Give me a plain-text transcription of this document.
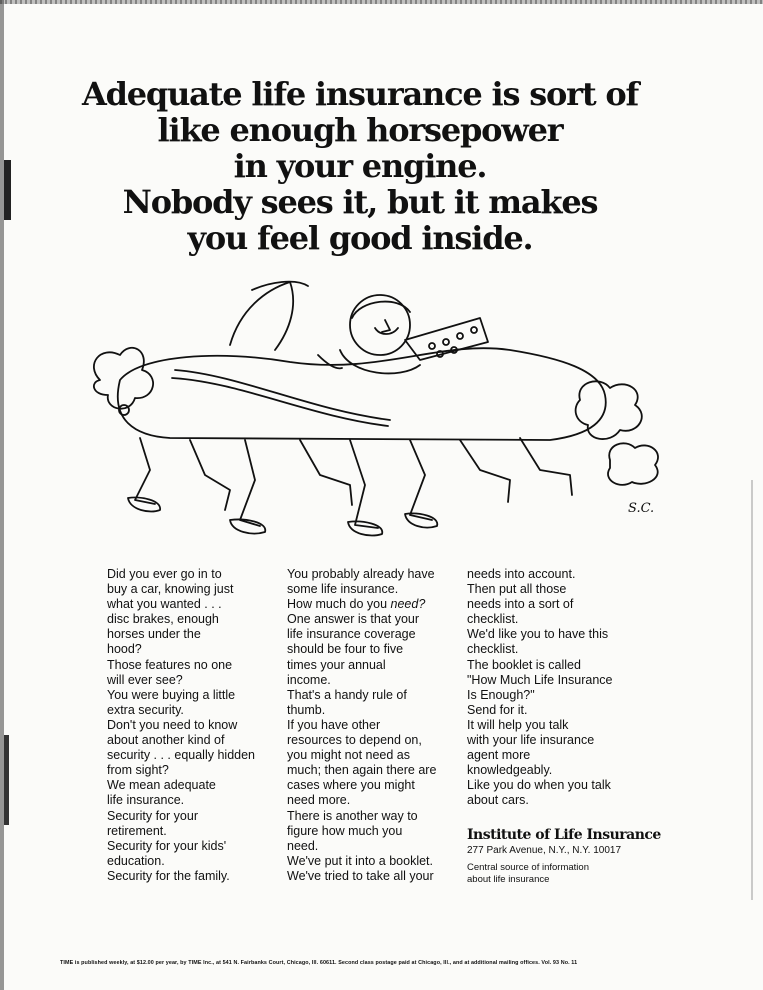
Adequate life insurance is sort of
like enough horsepower
in your engine.
Nobody sees it, but it makes
you feel good inside.
S.C.
Did you ever go in to
buy a car, knowing just
what you wanted . . .
disc brakes, enough
horses under the
hood?
Those features no one
will ever see?
You were buying a little
extra security.
Don't you need to know
about another kind of
security . . . equally hidden
from sight?
We mean adequate
life insurance.
Security for your
retirement.
Security for your kids'
education.
Security for the family.
You probably already have
some life insurance.
How much do you need?
One answer is that your
life insurance coverage
should be four to five
times your annual
income.
That's a handy rule of
thumb.
If you have other
resources to depend on,
you might not need as
much; then again there are
cases where you might
need more.
There is another way to
figure how much you
need.
We've put it into a booklet.
We've tried to take all your
needs into account.
Then put all those
needs into a sort of
checklist.
We'd like you to have this
checklist.
The booklet is called
"How Much Life Insurance
Is Enough?"
Send for it.
It will help you talk
with your life insurance
agent more
knowledgeably.
Like you do when you talk
about cars.
Institute of Life Insurance
277 Park Avenue, N.Y., N.Y. 10017
Central source of information
about life insurance
TIME is published weekly, at $12.00 per year, by TIME Inc., at 541 N. Fairbanks Court, Chicago, Ill. 60611. Second class postage paid at Chicago, Ill., and at additional mailing offices. Vol. 93 No. 11
